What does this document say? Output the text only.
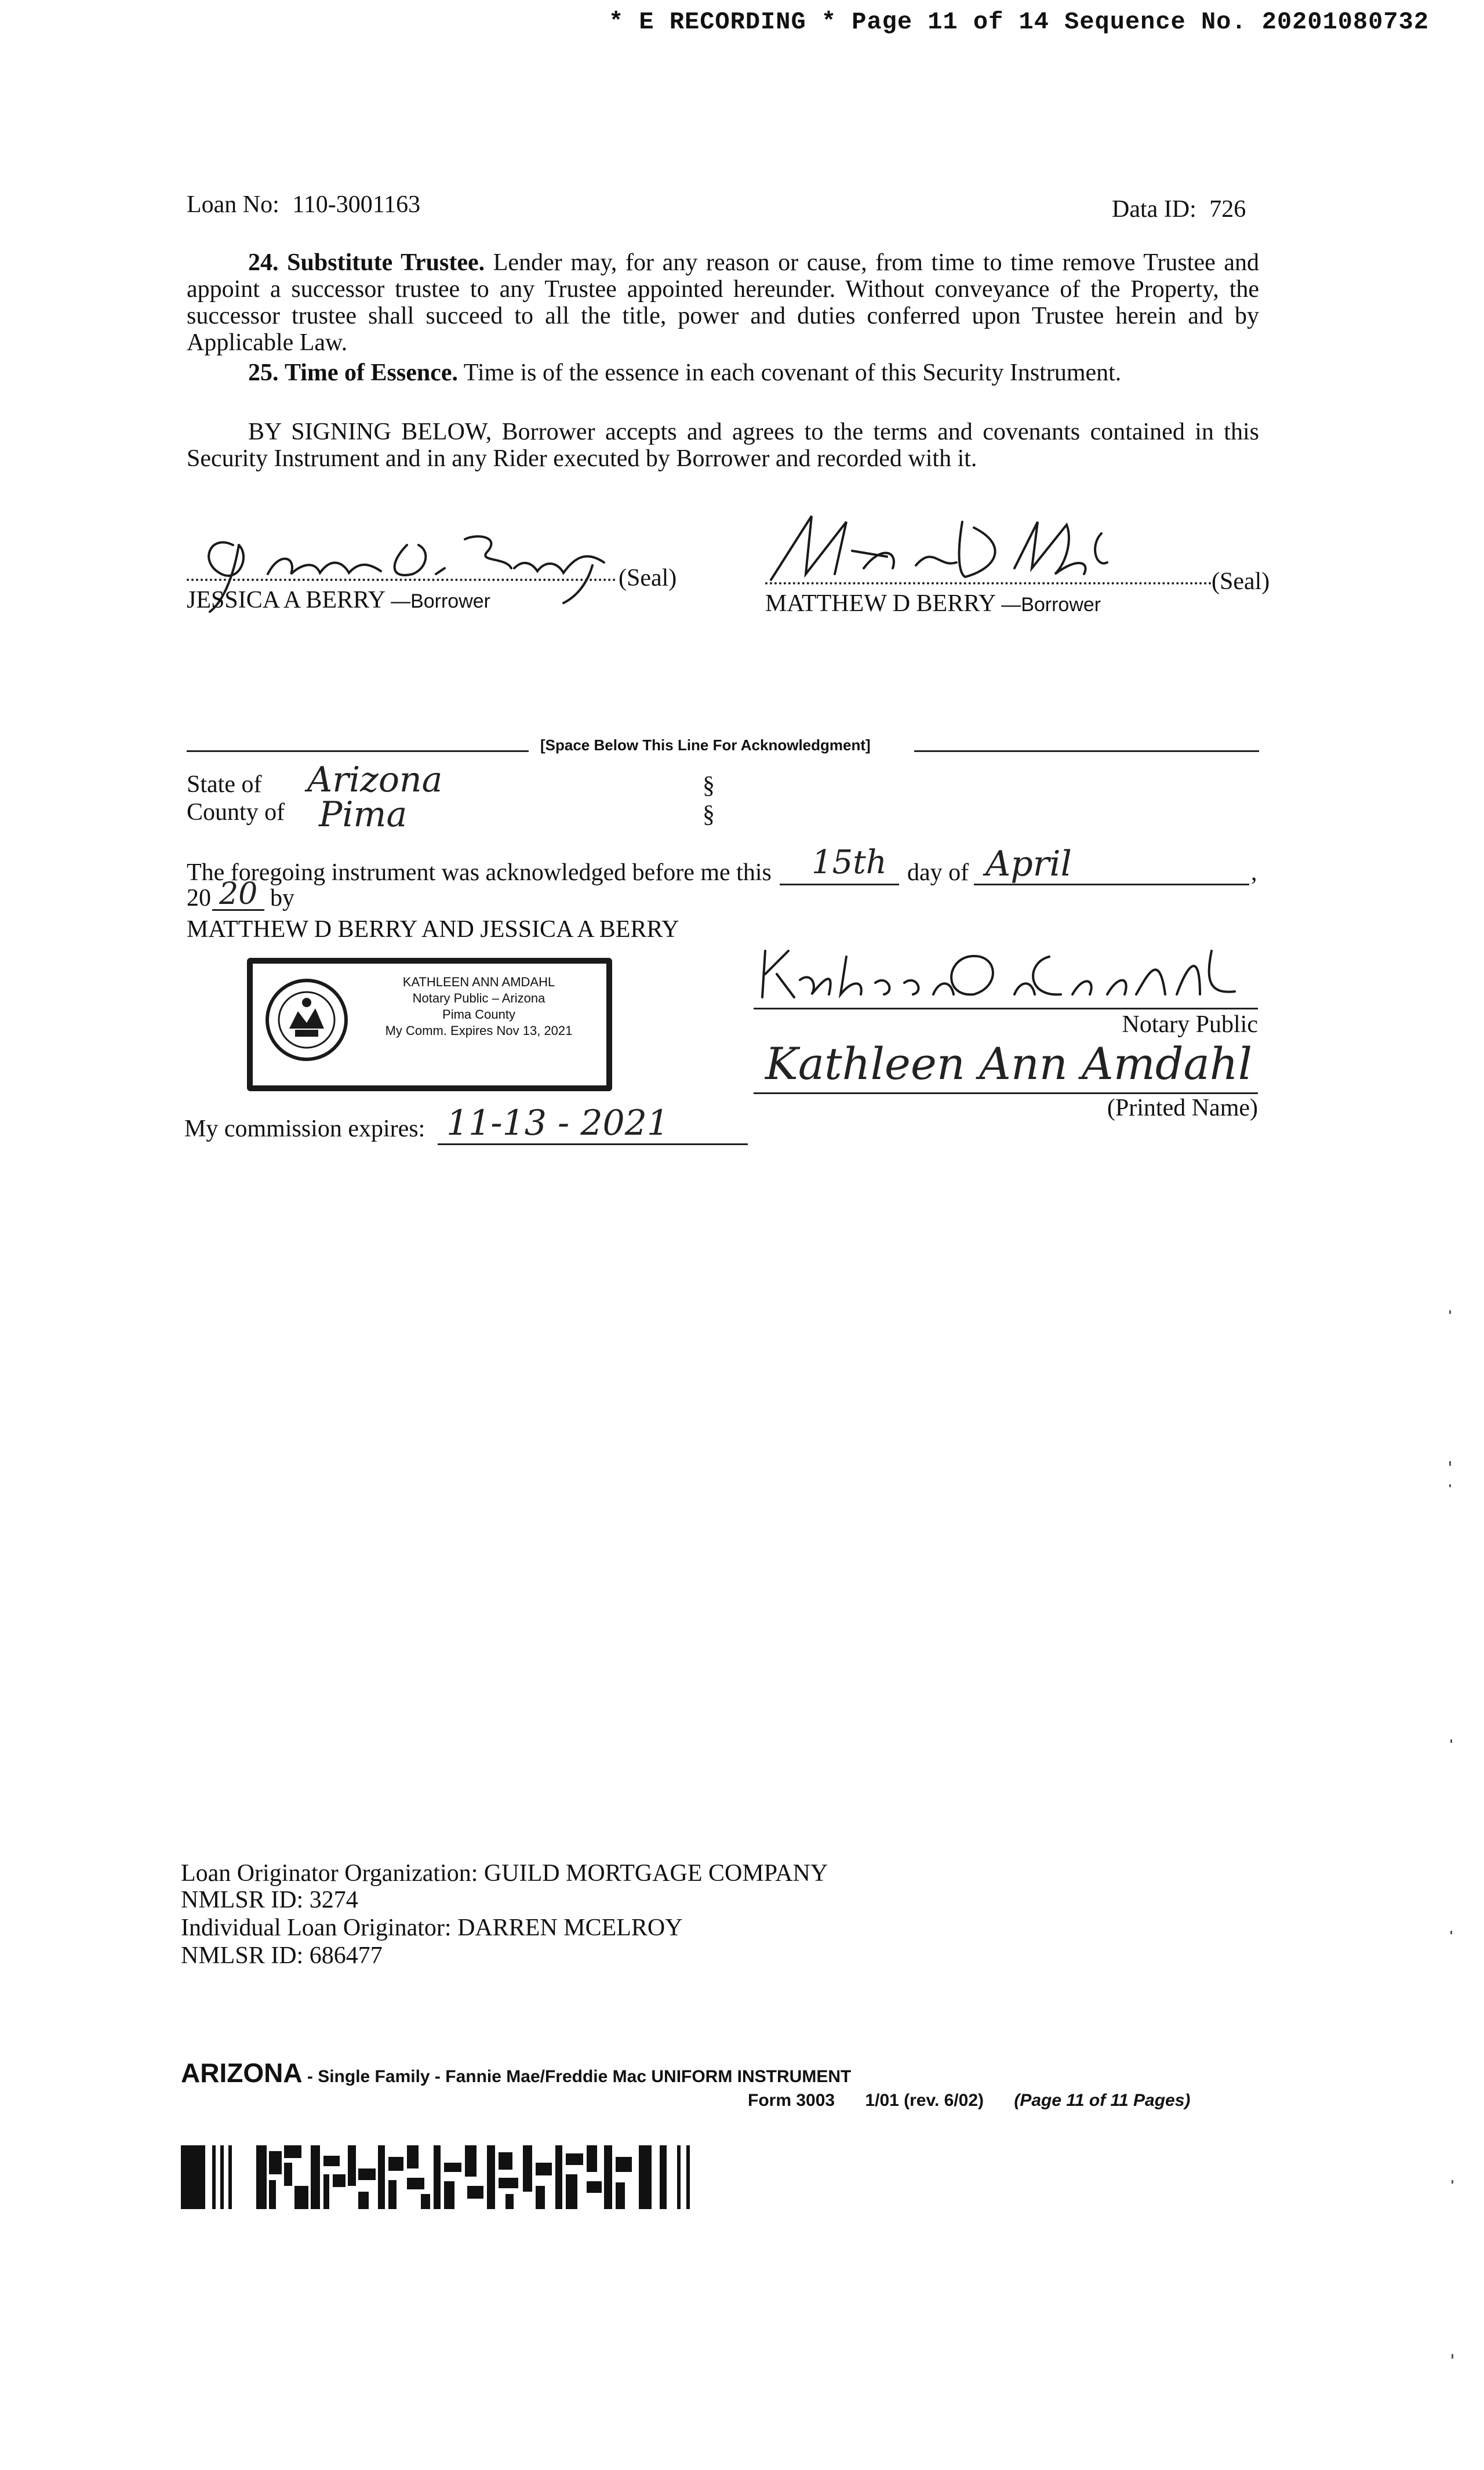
* E RECORDING * Page 11 of 14 Sequence No. 20201080732
Loan No: 110-3001163	Data ID: 726
24. Substitute Trustee. Lender may, for any reason or cause, from time to time remove Trustee and appoint a successor trustee to any Trustee appointed hereunder. Without conveyance of the Property, the successor trustee shall succeed to all the title, power and duties conferred upon Trustee herein and by Applicable Law.
25. Time of Essence. Time is of the essence in each covenant of this Security Instrument.
BY SIGNING BELOW, Borrower accepts and agrees to the terms and covenants contained in this Security Instrument and in any Rider executed by Borrower and recorded with it.
(Seal)
JESSICA A BERRY —Borrower
(Seal)
MATTHEW D BERRY —Borrower
[Space Below This Line For Acknowledgment]
State of Arizona	§
County of Pima	§
The foregoing instrument was acknowledged before me this 15th day of April	,
20 20 by
MATTHEW D BERRY AND JESSICA A BERRY
KATHLEEN ANN AMDAHL
Notary Public – Arizona
Pima County
My Comm. Expires Nov 13, 2021	Notary Public
Kathleen Ann Amdahl
(Printed Name)
My commission expires: 11-13 - 2021
Loan Originator Organization: GUILD MORTGAGE COMPANY
NMLSR ID: 3274
Individual Loan Originator: DARREN MCELROY
NMLSR ID: 686477
ARIZONA - Single Family - Fannie Mae/Freddie Mac UNIFORM INSTRUMENT
Form 3003 1/01 (rev. 6/02) (Page 11 of 11 Pages)
